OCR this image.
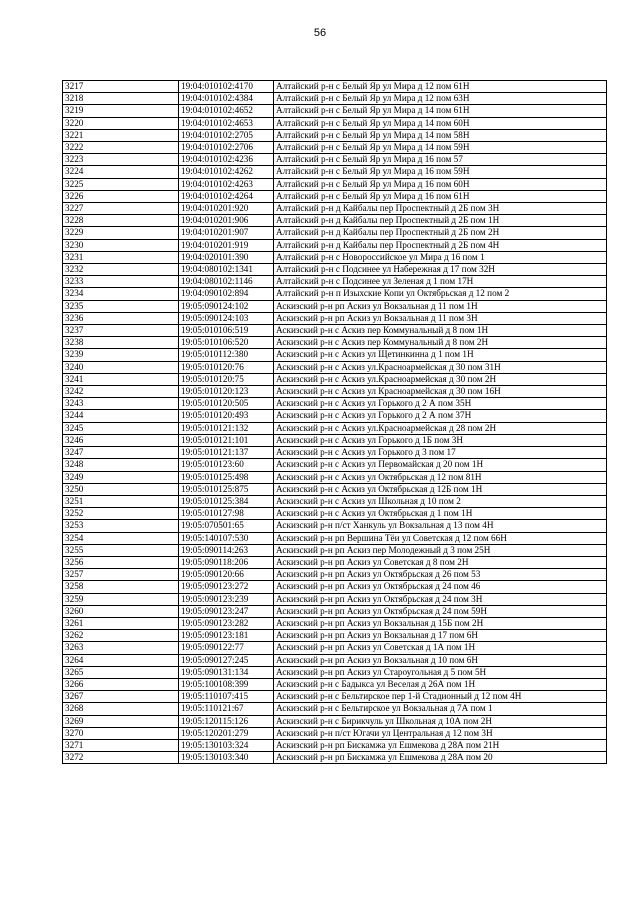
56
3217	19:04:010102:4170	Алтайский р-н с Белый Яр ул Мира д 12 пом 61Н
3218	19:04:010102:4384	Алтайский р-н с Белый Яр ул Мира д 12 пом 63Н
3219	19:04:010102:4652	Алтайский р-н с Белый Яр ул Мира д 14 пом 61Н
3220	19:04:010102:4653	Алтайский р-н с Белый Яр ул Мира д 14 пом 60Н
3221	19:04:010102:2705	Алтайский р-н с Белый Яр ул Мира д 14 пом 58Н
3222	19:04:010102:2706	Алтайский р-н с Белый Яр ул Мира д 14 пом 59Н
3223	19:04:010102:4236	Алтайский р-н с Белый Яр ул Мира д 16 пом 57
3224	19:04:010102:4262	Алтайский р-н с Белый Яр ул Мира д 16 пом 59Н
3225	19:04:010102:4263	Алтайский р-н с Белый Яр ул Мира д 16 пом 60Н
3226	19:04:010102:4264	Алтайский р-н с Белый Яр ул Мира д 16 пом 61Н
3227	19:04:010201:920	Алтайский р-н д Кайбалы пер Проспектный д 2Б пом 3Н
3228	19:04:010201:906	Алтайский р-н д Кайбалы пер Проспектный д 2Б пом 1Н
3229	19:04:010201:907	Алтайский р-н д Кайбалы пер Проспектный д 2Б пом 2Н
3230	19:04:010201:919	Алтайский р-н д Кайбалы пер Проспектный д 2Б пом 4Н
3231	19:04:020101:390	Алтайский р-н с Новороссийское ул Мира д 16 пом 1
3232	19:04:080102:1341	Алтайский р-н с Подсинее ул Набережная д 17 пом 32Н
3233	19:04:080102:1146	Алтайский р-н с Подсинее ул Зеленая д 1 пом 17Н
3234	19:04:090102:894	Алтайский р-н п Изыхские Копи ул Октябрьская д 12 пом 2
3235	19:05:090124:102	Аскизский р-н рп Аскиз ул Вокзальная д 11 пом 1Н
3236	19:05:090124:103	Аскизский р-н рп Аскиз ул Вокзальная д 11 пом 3Н
3237	19:05:010106:519	Аскизский р-н с Аскиз пер Коммунальный д 8 пом 1Н
3238	19:05:010106:520	Аскизский р-н с Аскиз пер Коммунальный д 8 пом 2Н
3239	19:05:010112:380	Аскизский р-н с Аскиз ул Щетинкинна д 1 пом 1Н
3240	19:05:010120:76	Аскизский р-н с Аскиз ул.Красноармейская д 30 пом 31Н
3241	19:05:010120:75	Аскизский р-н с Аскиз ул.Красноармейская д 30 пом 2Н
3242	19:05:010120:123	Аскизский р-н с Аскиз ул Красноармейская д 30 пом 16Н
3243	19:05:010120:505	Аскизский р-н с Аскиз ул Горького д 2 А пом 35Н
3244	19:05:010120:493	Аскизский р-н с Аскиз ул Горького д 2 А пом 37Н
3245	19:05:010121:132	Аскизский р-н с Аскиз ул.Красноармейская д 28 пом 2Н
3246	19:05:010121:101	Аскизский р-н с Аскиз ул Горького д 1Б пом 3Н
3247	19:05:010121:137	Аскизский р-н с Аскиз ул Горького д 3 пом 17
3248	19:05:010123:60	Аскизский р-н с Аскиз ул Первомайская д 20 пом 1Н
3249	19:05:010125:498	Аскизский р-н с Аскиз ул Октябрьская д 12 пом 81Н
3250	19:05:010125:875	Аскизский р-н с Аскиз ул Октябрьская д 12Б пом 1Н
3251	19:05:010125:384	Аскизский р-н с Аскиз ул Школьная д 10 пом 2
3252	19:05:010127:98	Аскизский р-н с Аскиз ул Октябрьская д 1 пом 1Н
3253	19:05:070501:65	Аскизский р-н п/ст Ханкуль ул Вокзальная д 13 пом 4Н
3254	19:05:140107:530	Аскизский р-н рп Вершина Тёи ул Советская д 12 пом 66Н
3255	19:05:090114:263	Аскизский р-н рп Аскиз пер Молодежный д 3 пом 25Н
3256	19:05:090118:206	Аскизский р-н рп Аскиз ул Советская д 8 пом 2Н
3257	19:05:090120:66	Аскизский р-н рп Аскиз ул Октябрьская д 26 пом 53
3258	19:05:090123:272	Аскизский р-н рп Аскиз ул Октябрьская д 24 пом 46
3259	19:05:090123:239	Аскизский р-н рп Аскиз ул Октябрьская д 24 пом 3Н
3260	19:05:090123:247	Аскизский р-н рп Аскиз ул Октябрьская д 24 пом 59Н
3261	19:05:090123:282	Аскизский р-н рп Аскиз ул Вокзальная д 15Б пом 2Н
3262	19:05:090123:181	Аскизский р-н рп Аскиз ул Вокзальная д 17 пом 6Н
3263	19:05:090122:77	Аскизский р-н рп Аскиз ул Советская д 1А пом 1Н
3264	19:05:090127:245	Аскизский р-н рп Аскиз ул Вокзальная д 10 пом 6Н
3265	19:05:090131:134	Аскизский р-н рп Аскиз ул Староугольная д 5 пом 5Н
3266	19:05:100108:399	Аскизский р-н с Бадыкса ул Веселая д 26А пом 1Н
3267	19:05:110107:415	Аскизский р-н с Бельтирское пер 1-й Стадионный д 12 пом 4Н
3268	19:05:110121:67	Аскизский р-н с Бельтирское ул Вокзальная д 7А пом 1
3269	19:05:120115:126	Аскизский р-н с Бирикчуль ул Школьная д 10А пом 2Н
3270	19:05:120201:279	Аскизский р-н п/ст Югачи ул Центральная д 12 пом 3Н
3271	19:05:130103:324	Аскизский р-н рп Бискамжа ул Ешмекова д 28А пом 21Н
3272	19:05:130103:340	Аскизский р-н рп Бискамжа ул Ешмекова д 28А пом 20
